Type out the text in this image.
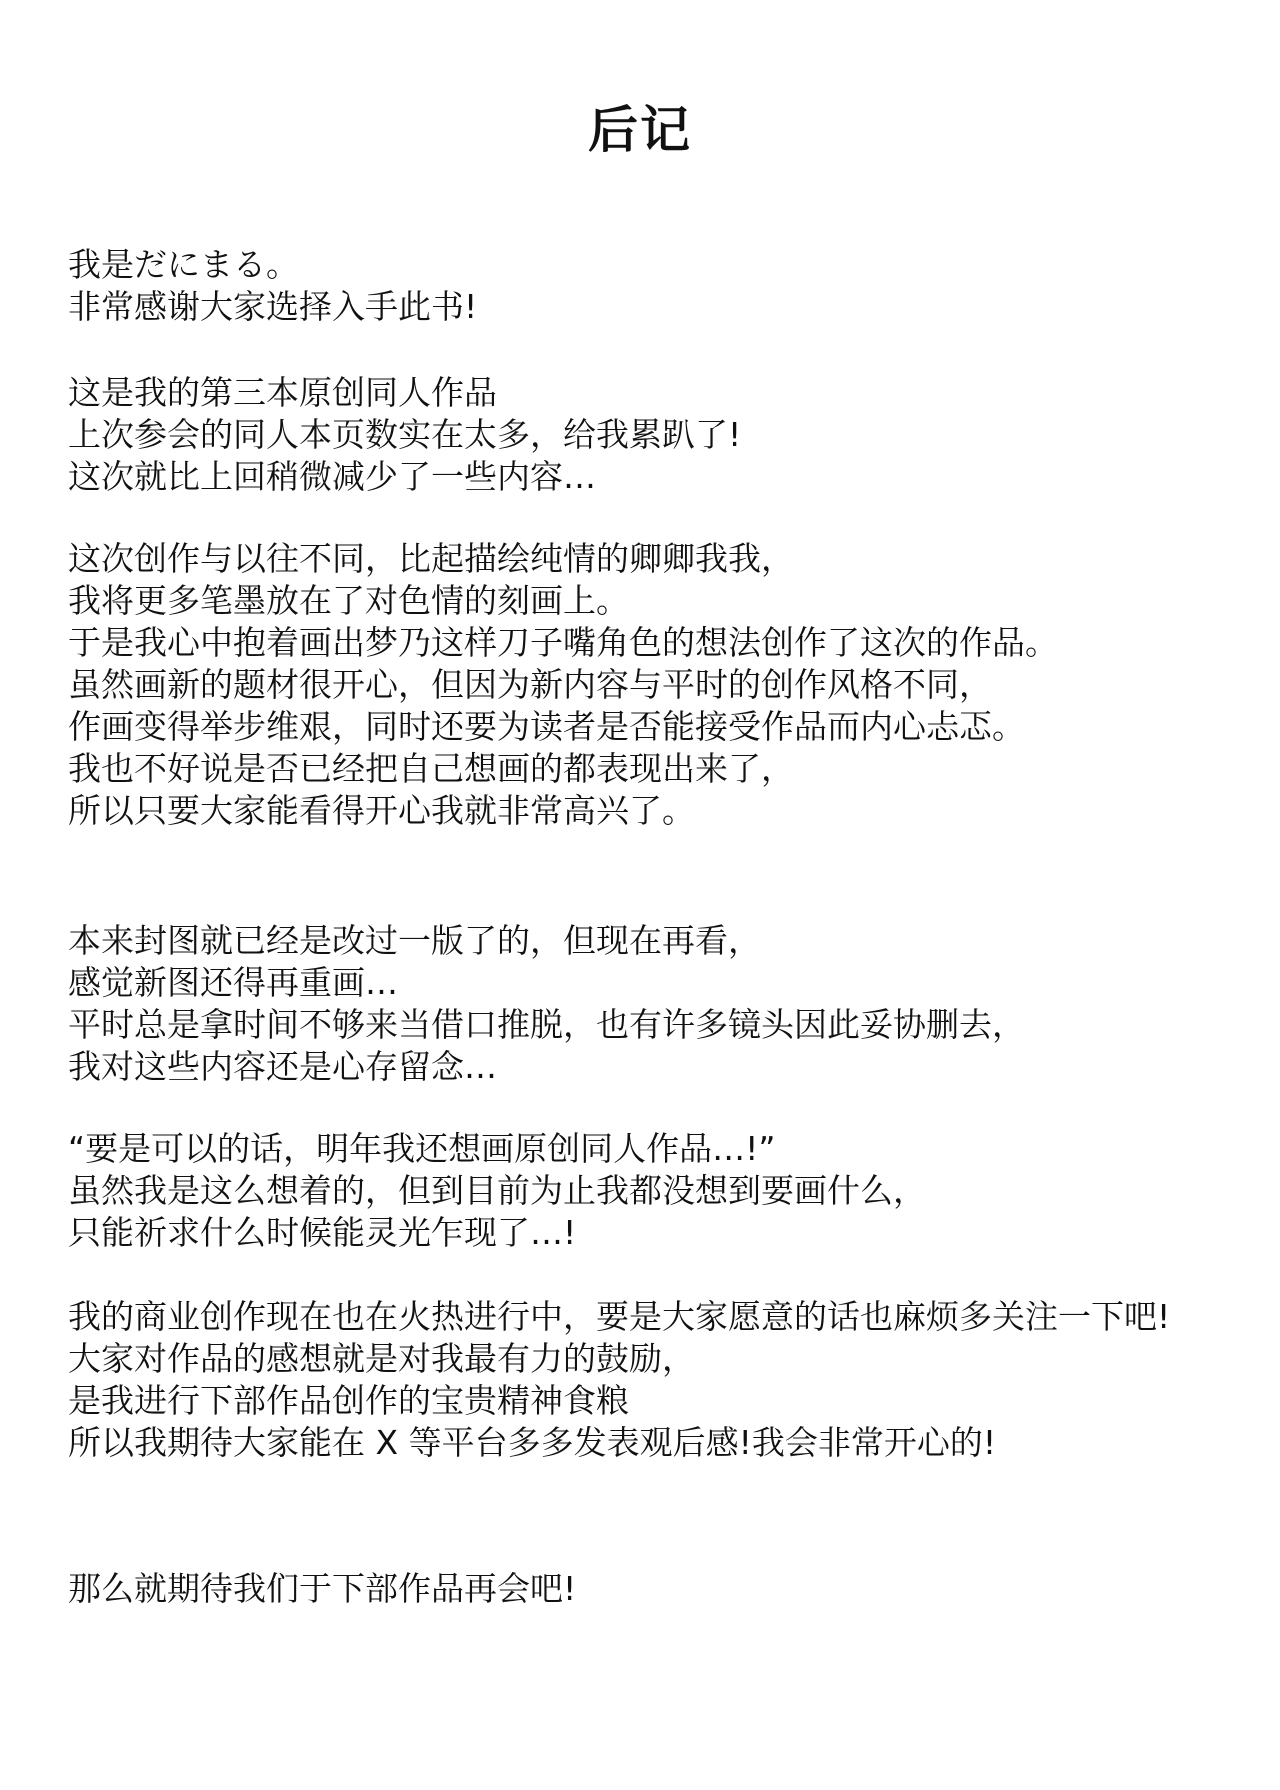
后记
我是だにまる。
非常感谢大家选择入手此书!
这是我的第三本原创同人作品
上次参会的同人本页数实在太多，给我累趴了!
这次就比上回稍微减少了一些内容…
这次创作与以往不同，比起描绘纯情的卿卿我我，
我将更多笔墨放在了对色情的刻画上。
于是我心中抱着画出梦乃这样刀子嘴角色的想法创作了这次的作品。
虽然画新的题材很开心，但因为新内容与平时的创作风格不同，
作画变得举步维艰，同时还要为读者是否能接受作品而内心忐忑。
我也不好说是否已经把自己想画的都表现出来了，
所以只要大家能看得开心我就非常高兴了。
本来封图就已经是改过一版了的，但现在再看，
感觉新图还得再重画…
平时总是拿时间不够来当借口推脱，也有许多镜头因此妥协删去，
我对这些内容还是心存留念…
“要是可以的话，明年我还想画原创同人作品…!”
虽然我是这么想着的，但到目前为止我都没想到要画什么，
只能祈求什么时候能灵光乍现了…!
我的商业创作现在也在火热进行中，要是大家愿意的话也麻烦多关注一下吧!
大家对作品的感想就是对我最有力的鼓励，
是我进行下部作品创作的宝贵精神食粮
所以我期待大家能在 X 等平台多多发表观后感!我会非常开心的!
那么就期待我们于下部作品再会吧!
